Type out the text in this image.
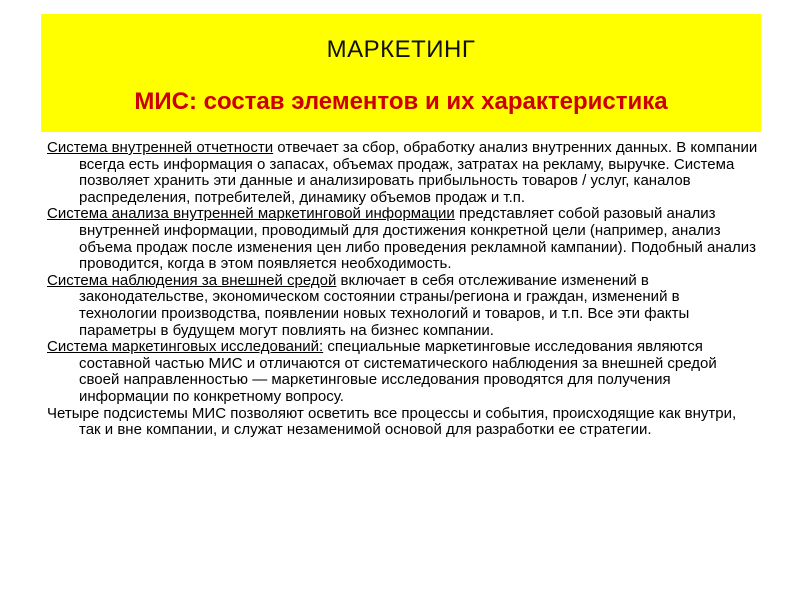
МАРКЕТИНГ
МИС: состав элементов и их характеристика

Система внутренней отчетности отвечает за сбор, обработку анализ внутренних данных. В компании всегда есть информация о запасах, объемах продаж, затратах на рекламу, выручке. Система позволяет хранить эти данные и анализировать прибыльность товаров / услуг, каналов распределения, потребителей, динамику объемов продаж и т.п.

Система анализа внутренней маркетинговой информации представляет собой разовый анализ внутренней информации, проводимый для достижения конкретной цели (например, анализ объема продаж после изменения цен либо проведения рекламной кампании). Подобный анализ проводится, когда в этом появляется необходимость.

Система наблюдения за внешней средой включает в себя отслеживание изменений в законодательстве, экономическом состоянии страны/региона и граждан, изменений в технологии производства, появлении новых технологий и товаров, и т.п. Все эти факты параметры в будущем могут повлиять на бизнес компании.

Система маркетинговых исследований: специальные маркетинговые исследования являются составной частью МИС и отличаются от систематического наблюдения за внешней средой своей направленностью — маркетинговые исследования проводятся для получения информации по конкретному вопросу.

Четыре подсистемы МИС позволяют осветить все процессы и события, происходящие как внутри, так и вне компании, и служат незаменимой основой для разработки ее стратегии.
